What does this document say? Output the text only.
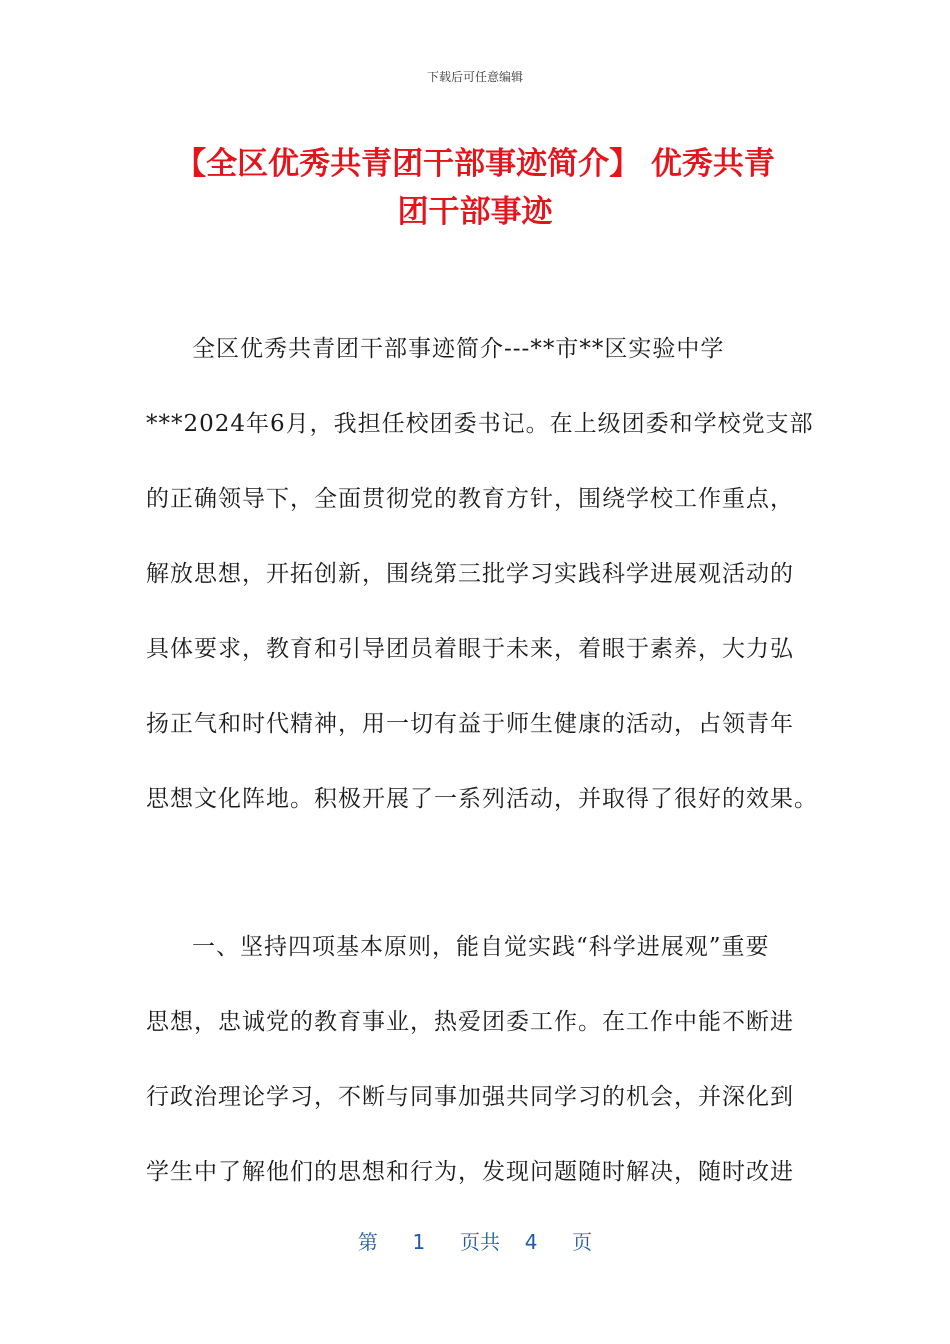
下载后可任意编辑
【全区优秀共青团干部事迹简介】 优秀共青
团干部事迹
全区优秀共青团干部事迹简介---**市**区实验中学
***2024年6月，我担任校团委书记。在上级团委和学校党支部
的正确领导下，全面贯彻党的教育方针，围绕学校工作重点，
解放思想，开拓创新，围绕第三批学习实践科学进展观活动的
具体要求，教育和引导团员着眼于未来，着眼于素养，大力弘
扬正气和时代精神，用一切有益于师生健康的活动，占领青年
思想文化阵地。积极开展了一系列活动，并取得了很好的效果。
一、坚持四项基本原则，能自觉实践“科学进展观”重要
思想，忠诚党的教育事业，热爱团委工作。在工作中能不断进
行政治理论学习，不断与同事加强共同学习的机会，并深化到
学生中了解他们的思想和行为，发现问题随时解决，随时改进
第 1 页共 4 页
